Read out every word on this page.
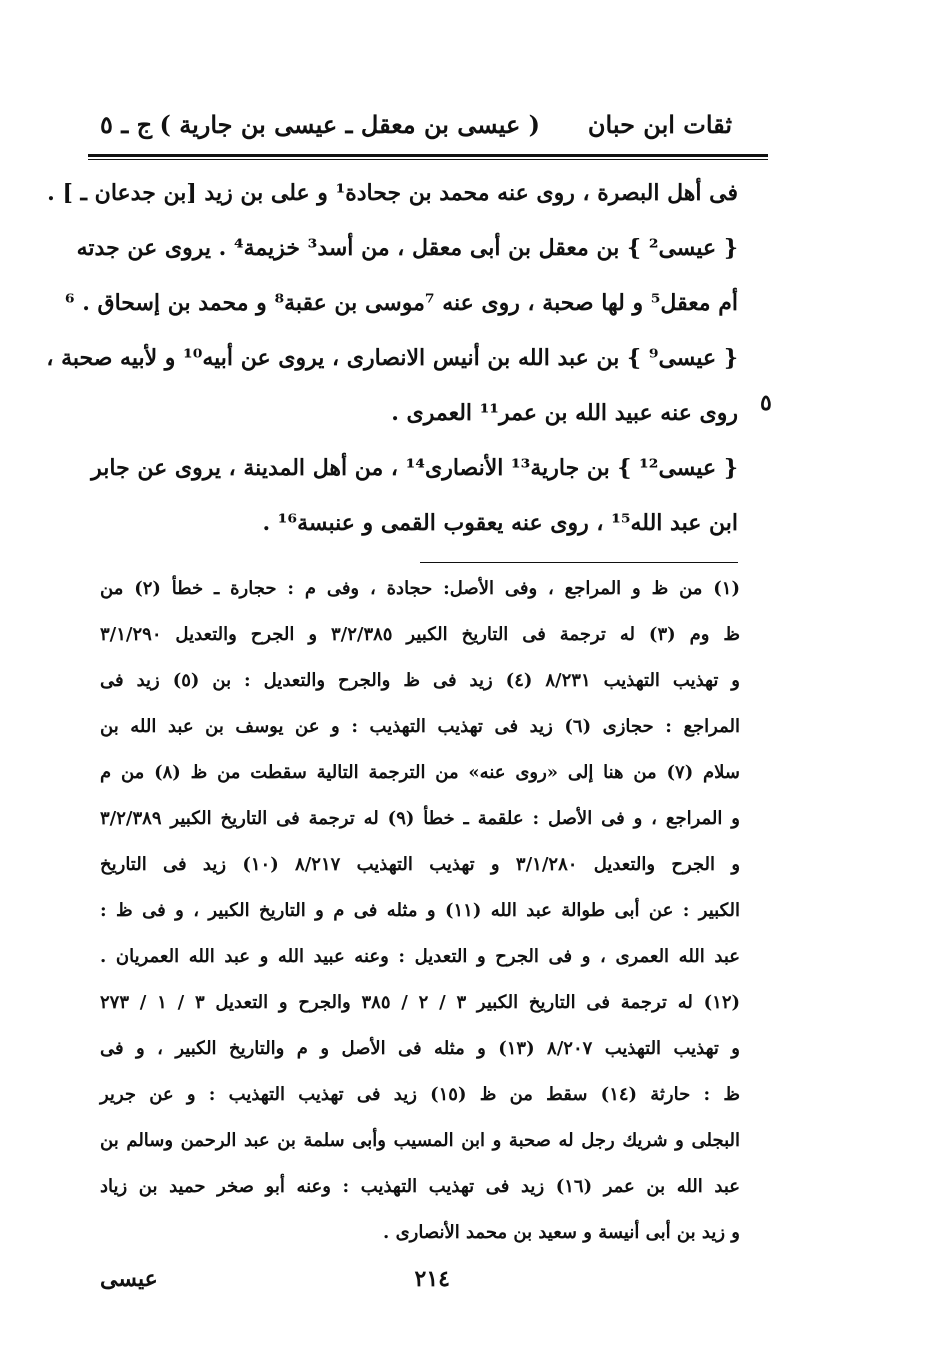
ثقات ابن حبان
( عيسى بن معقل ـ عيسى بن جارية )
ج ـ ٥
فى أهل البصرة ، روى عنه محمد بن جحادة¹ و على بن زيد [بن جدعان ـ ] .
{ عيسى² } بن معقل بن أبى معقل ، من أسد³ خزيمة⁴ . يروى عن جدته
أم معقل⁵ و لها صحبة ، روى عنه ⁷موسى بن عقبة⁸ و محمد بن إسحاق . ⁶
{ عيسى⁹ } بن عبد الله بن أنيس الانصارى ، يروى عن أبيه¹⁰ و لأبيه صحبة ،
روى عنه عبيد الله بن عمر¹¹ العمرى .
{ عيسى¹² } بن جارية¹³ الأنصارى¹⁴ ، من أهل المدينة ، يروى عن جابر
ابن عبد الله¹⁵ ، روى عنه يعقوب القمى و عنبسة¹⁶ .
٥
(١) من ظ و المراجع ، وفى الأصل: حجادة ، وفى م : حجارة ـ خطأ (٢) من
ظ وم (٣) له ترجمة فى التاريخ الكبير ٣/٢/٣٨٥ و الجرح والتعديل ٣/١/٢٩٠
و تهذيب التهذيب ٨/٢٣١ (٤) زيد فى ظ والجرح والتعديل : بن (٥) زيد فى
المراجع : حجازى (٦) زيد فى تهذيب التهذيب : و عن يوسف بن عبد الله بن
سلام (٧) من هنا إلى «روى عنه» من الترجمة التالية سقطت من ظ (٨) من م
و المراجع ، و فى الأصل : علقمة ـ خطأ (٩) له ترجمة فى التاريخ الكبير ٣/٢/٣٨٩
و الجرح والتعديل ٣/١/٢٨٠ و تهذيب التهذيب ٨/٢١٧ (١٠) زيد فى التاريخ
الكبير : عن أبى طوالة عبد الله (١١) و مثله فى م و التاريخ الكبير ، و فى ظ :
عبد الله العمرى ، و فى الجرح و التعديل : وعنه عبيد الله و عبد الله العمريان .
(١٢) له ترجمة فى التاريخ الكبير ٣ / ٢ / ٣٨٥ والجرح و التعديل ٣ / ١ / ٢٧٣
و تهذيب التهذيب ٨/٢٠٧ (١٣) و مثله فى الأصل و م والتاريخ الكبير ، و فى
ظ : حارثة (١٤) سقط من ظ (١٥) زيد فى تهذيب التهذيب : و عن جرير
البجلى و شريك رجل له صحبة و ابن المسيب وأبى سلمة بن عبد الرحمن وسالم بن
عبد الله بن عمر (١٦) زيد فى تهذيب التهذيب : وعنه أبو صخر حميد بن زياد
و زيد بن أبى أنيسة و سعيد بن محمد الأنصارى .
٢١٤
عيسى
